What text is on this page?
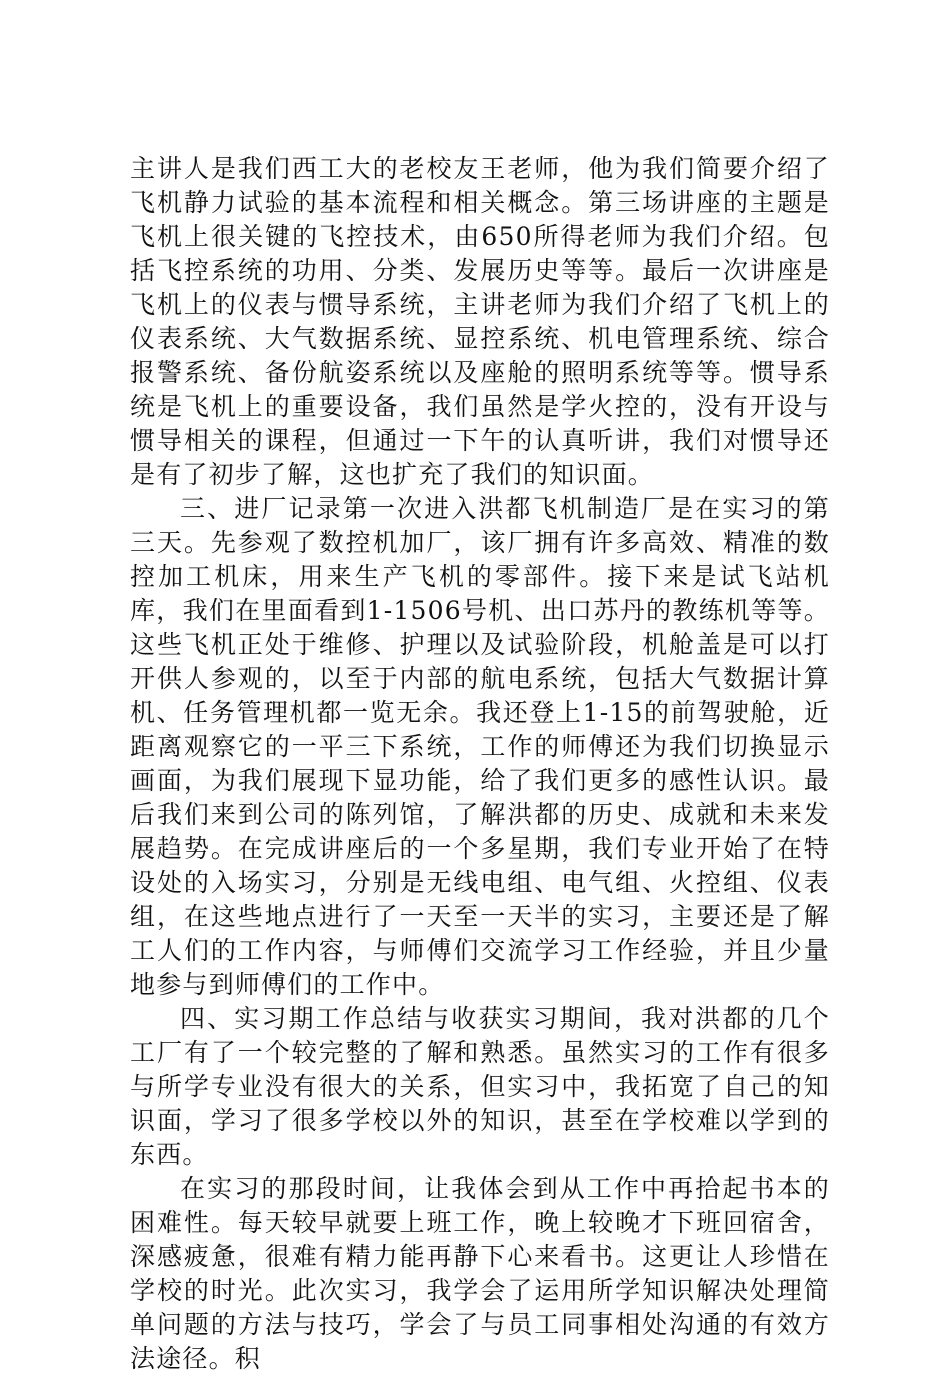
主讲人是我们西工大的老校友王老师，他为我们简要介绍了飞机静力试验的基本流程和相关概念。第三场讲座的主题是飞机上很关键的飞控技术，由650所得老师为我们介绍。包括飞控系统的功用、分类、发展历史等等。最后一次讲座是飞机上的仪表与惯导系统，主讲老师为我们介绍了飞机上的仪表系统、大气数据系统、显控系统、机电管理系统、综合报警系统、备份航姿系统以及座舱的照明系统等等。惯导系统是飞机上的重要设备，我们虽然是学火控的，没有开设与惯导相关的课程，但通过一下午的认真听讲，我们对惯导还是有了初步了解，这也扩充了我们的知识面。

三、进厂记录第一次进入洪都飞机制造厂是在实习的第三天。先参观了数控机加厂，该厂拥有许多高效、精准的数控加工机床，用来生产飞机的零部件。接下来是试飞站机库，我们在里面看到1-1506号机、出口苏丹的教练机等等。这些飞机正处于维修、护理以及试验阶段，机舱盖是可以打开供人参观的，以至于内部的航电系统，包括大气数据计算机、任务管理机都一览无余。我还登上1-15的前驾驶舱，近距离观察它的一平三下系统，工作的师傅还为我们切换显示画面，为我们展现下显功能，给了我们更多的感性认识。最后我们来到公司的陈列馆，了解洪都的历史、成就和未来发展趋势。在完成讲座后的一个多星期，我们专业开始了在特设处的入场实习，分别是无线电组、电气组、火控组、仪表组，在这些地点进行了一天至一天半的实习，主要还是了解工人们的工作内容，与师傅们交流学习工作经验，并且少量地参与到师傅们的工作中。

四、实习期工作总结与收获实习期间，我对洪都的几个工厂有了一个较完整的了解和熟悉。虽然实习的工作有很多与所学专业没有很大的关系，但实习中，我拓宽了自己的知识面，学习了很多学校以外的知识，甚至在学校难以学到的东西。

在实习的那段时间，让我体会到从工作中再拾起书本的困难性。每天较早就要上班工作，晚上较晚才下班回宿舍，深感疲惫，很难有精力能再静下心来看书。这更让人珍惜在学校的时光。此次实习，我学会了运用所学知识解决处理简单问题的方法与技巧，学会了与员工同事相处沟通的有效方法途径。积
